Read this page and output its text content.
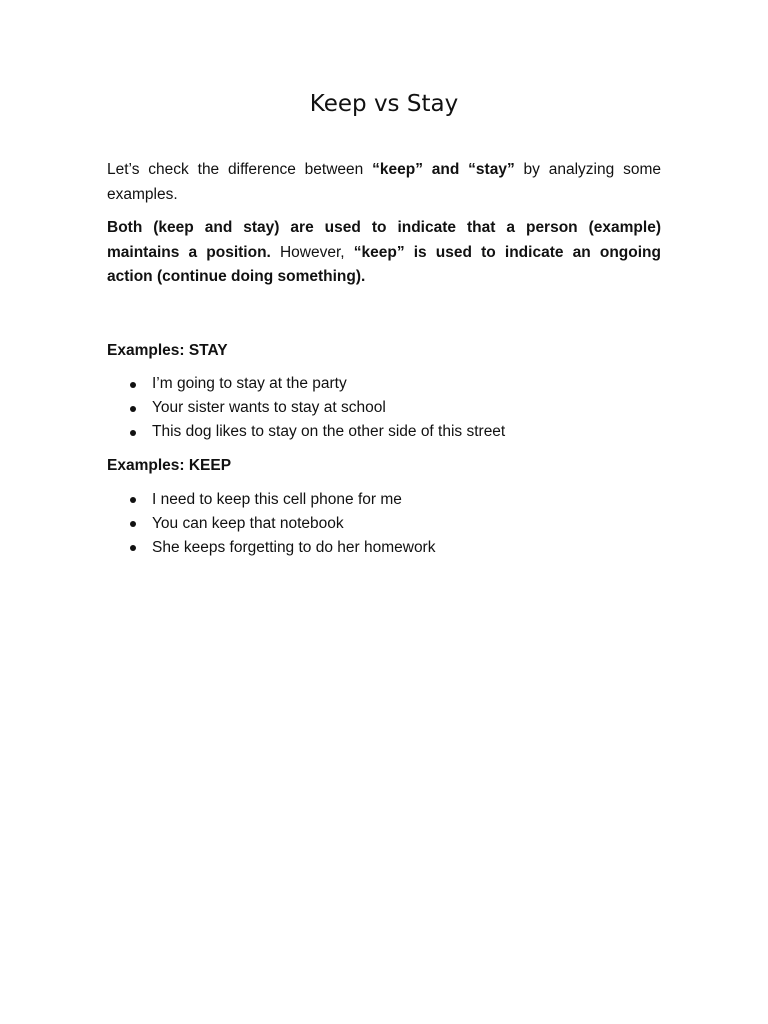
Keep vs Stay

Let’s check the difference between “keep” and “stay” by analyzing some examples.

Both (keep and stay) are used to indicate that a person (example) maintains a position. However, “keep” is used to indicate an ongoing action (continue doing something).

Examples: STAY

I’m going to stay at the party
Your sister wants to stay at school
This dog likes to stay on the other side of this street

Examples: KEEP

I need to keep this cell phone for me
You can keep that notebook
She keeps forgetting to do her homework
